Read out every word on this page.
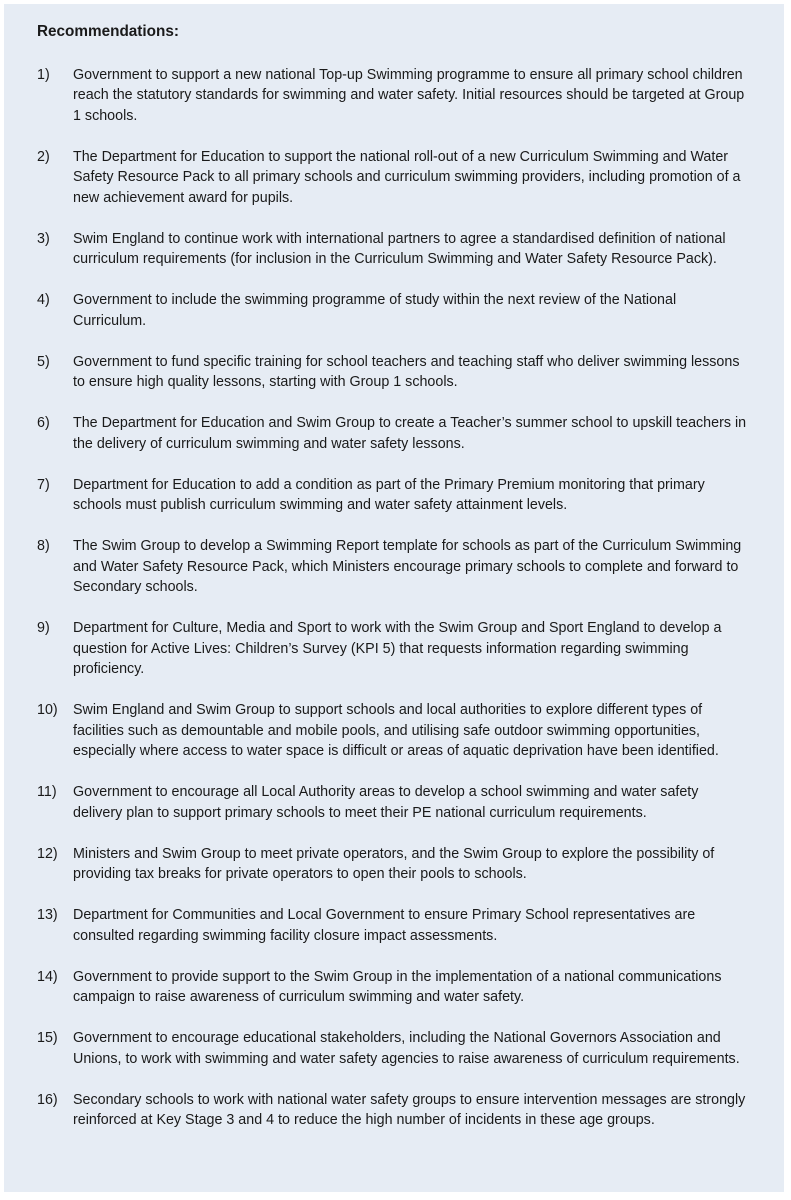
Recommendations:
1)	Government to support a new national Top-up Swimming programme to ensure all primary school children reach the statutory standards for swimming and water safety. Initial resources should be targeted at Group 1 schools.
2)	The Department for Education to support the national roll-out of a new Curriculum Swimming and Water Safety Resource Pack to all primary schools and curriculum swimming providers, including promotion of a new achievement award for pupils.
3)	Swim England to continue work with international partners to agree a standardised definition of national curriculum requirements (for inclusion in the Curriculum Swimming and Water Safety Resource Pack).
4)	Government to include the swimming programme of study within the next review of the National Curriculum.
5)	Government to fund specific training for school teachers and teaching staff who deliver swimming lessons to ensure high quality lessons, starting with Group 1 schools.
6)	The Department for Education and Swim Group to create a Teacher’s summer school to upskill teachers in the delivery of curriculum swimming and water safety lessons.
7)	Department for Education to add a condition as part of the Primary Premium monitoring that primary schools must publish curriculum swimming and water safety attainment levels.
8)	The Swim Group to develop a Swimming Report template for schools as part of the Curriculum Swimming and Water Safety Resource Pack, which Ministers encourage primary schools to complete and forward to Secondary schools.
9)	Department for Culture, Media and Sport to work with the Swim Group and Sport England to develop a question for Active Lives: Children’s Survey (KPI 5) that requests information regarding swimming proficiency.
10)	Swim England and Swim Group to support schools and local authorities to explore different types of facilities such as demountable and mobile pools, and utilising safe outdoor swimming opportunities, especially where access to water space is difficult or areas of aquatic deprivation have been identified.
11)	Government to encourage all Local Authority areas to develop a school swimming and water safety delivery plan to support primary schools to meet their PE national curriculum requirements.
12)	Ministers and Swim Group to meet private operators, and the Swim Group to explore the possibility of providing tax breaks for private operators to open their pools to schools.
13)	Department for Communities and Local Government to ensure Primary School representatives are consulted regarding swimming facility closure impact assessments.
14)	Government to provide support to the Swim Group in the implementation of a national communications campaign to raise awareness of curriculum swimming and water safety.
15)	Government to encourage educational stakeholders, including the National Governors Association and Unions, to work with swimming and water safety agencies to raise awareness of curriculum requirements.
16)	Secondary schools to work with national water safety groups to ensure intervention messages are strongly reinforced at Key Stage 3 and 4 to reduce the high number of incidents in these age groups.
